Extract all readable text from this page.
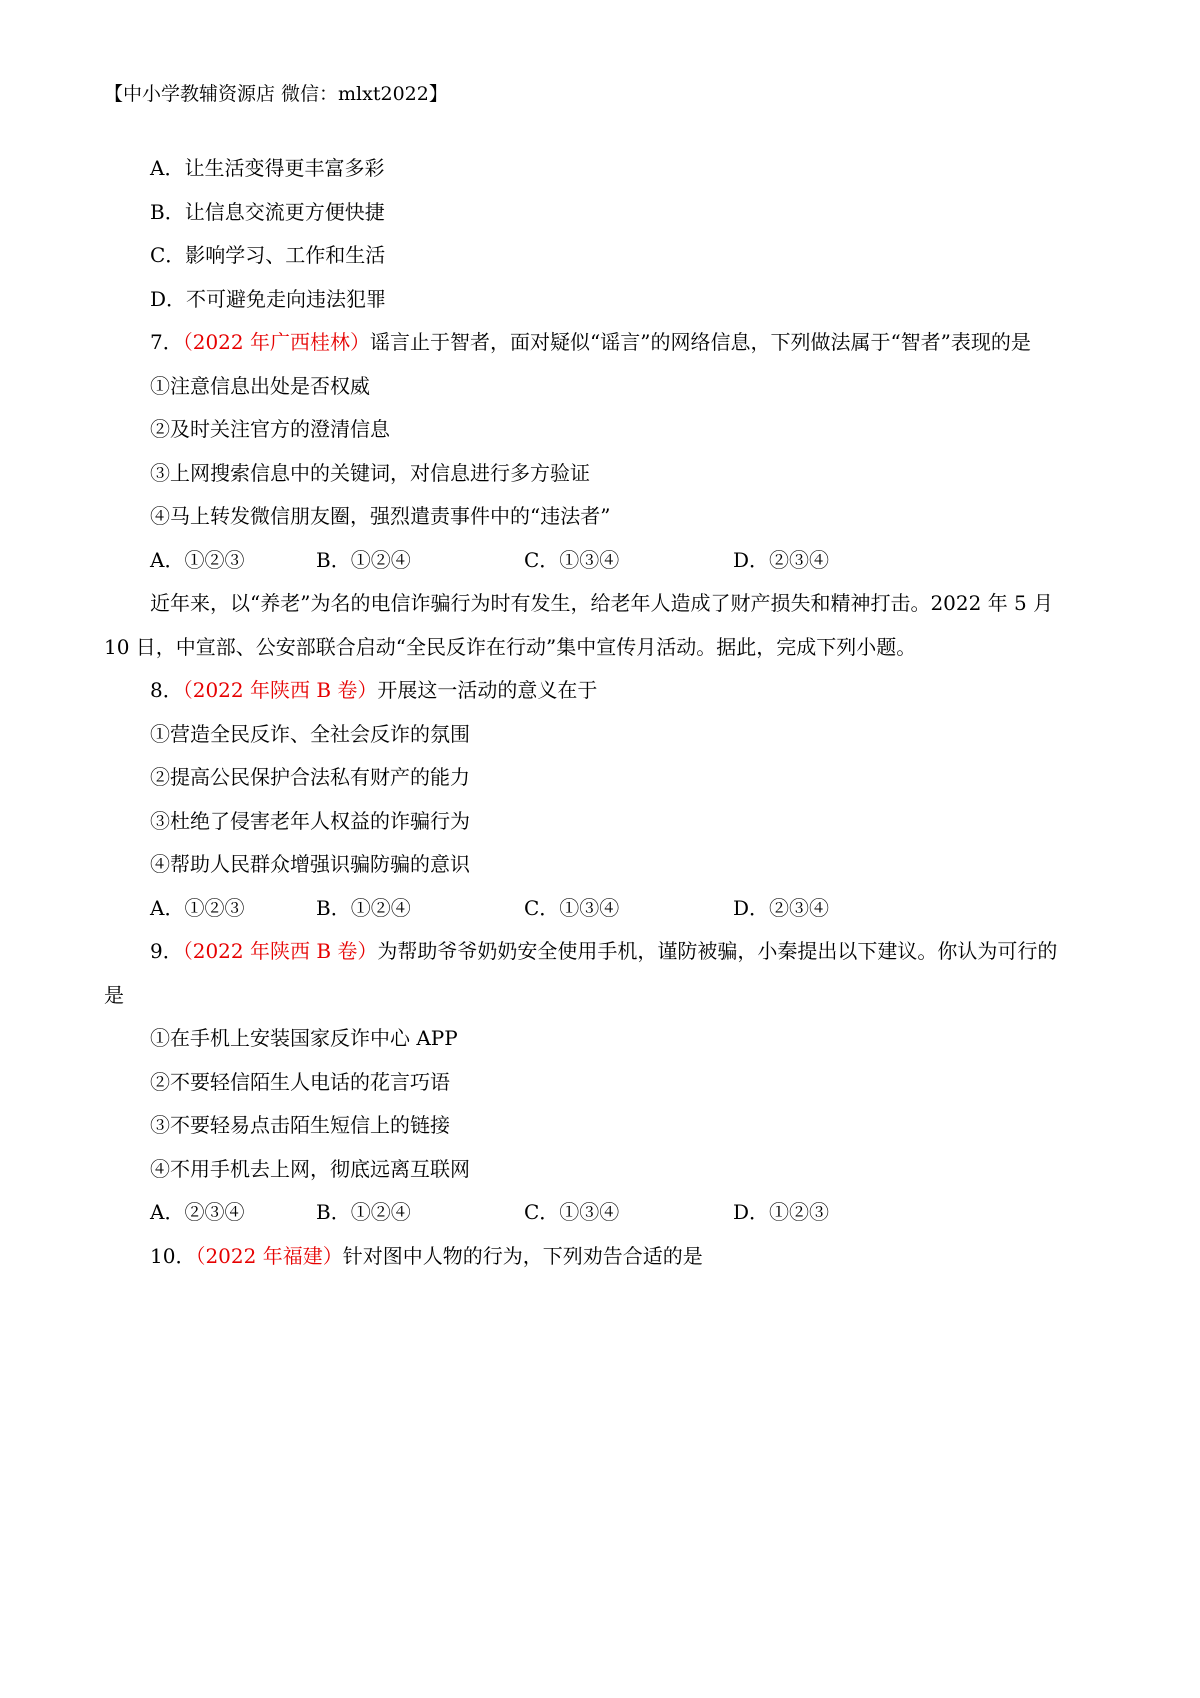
【中小学教辅资源店 微信：mlxt2022】
A．让生活变得更丰富多彩
B．让信息交流更方便快捷
C．影响学习、工作和生活
D．不可避免走向违法犯罪
7．（2022 年广西桂林）谣言止于智者，面对疑似“谣言”的网络信息，下列做法属于“智者”表现的是
①注意信息出处是否权威
②及时关注官方的澄清信息
③上网搜索信息中的关键词，对信息进行多方验证
④马上转发微信朋友圈，强烈遣责事件中的“违法者”
A．①②③	B．①②④	C．①③④	D．②③④
近年来，以“养老”为名的电信诈骗行为时有发生，给老年人造成了财产损失和精神打击。2022 年 5 月
10 日，中宣部、公安部联合启动“全民反诈在行动”集中宣传月活动。据此，完成下列小题。
8．（2022 年陕西 B 卷）开展这一活动的意义在于
①营造全民反诈、全社会反诈的氛围
②提高公民保护合法私有财产的能力
③杜绝了侵害老年人权益的诈骗行为
④帮助人民群众增强识骗防骗的意识
A．①②③	B．①②④	C．①③④	D．②③④
9．（2022 年陕西 B 卷）为帮助爷爷奶奶安全使用手机，谨防被骗，小秦提出以下建议。你认为可行的
是
①在手机上安装国家反诈中心 APP
②不要轻信陌生人电话的花言巧语
③不要轻易点击陌生短信上的链接
④不用手机去上网，彻底远离互联网
A．②③④	B．①②④	C．①③④	D．①②③
10．（2022 年福建）针对图中人物的行为，下列劝告合适的是
